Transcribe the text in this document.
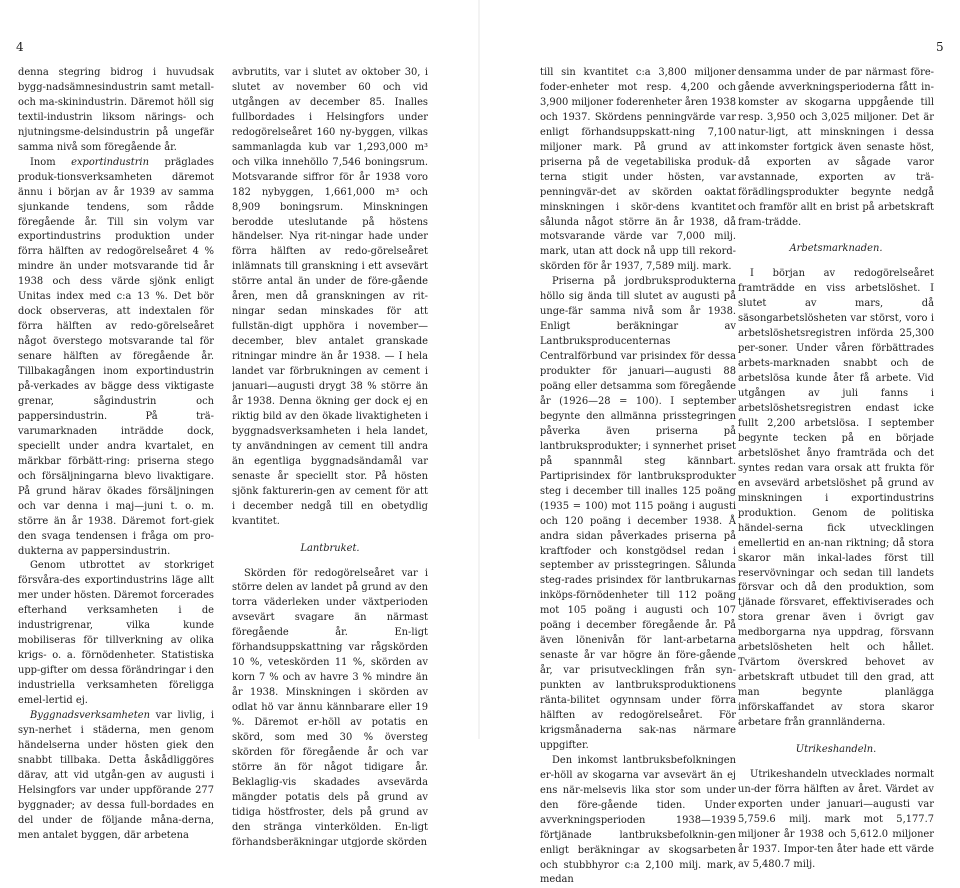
4	5

denna stegring bidrog i huvudsak bygg-nadsämnesindustrin samt metall- och ma-skinindustrin. Däremot höll sig textil-industrin liksom närings- och njutningsme-delsindustrin på ungefär samma nivå som föregående år.

Inom exportindustrin präglades produk-tionsverksamheten däremot ännu i början av år 1939 av samma sjunkande tendens, som rådde föregående år. Till sin volym var exportindustrins produktion under förra hälften av redogörelseåret 4 % mindre än under motsvarande tid år 1938 och dess värde sjönk enligt Unitas index med c:a 13 %. Det bör dock observeras, att indextalen för förra hälften av redo-görelseåret något överstego motsvarande tal för senare hälften av föregående år. Tillbakagången inom exportindustrin på-verkades av bägge dess viktigaste grenar, sågindustrin och pappersindustrin. På trä-varumarknaden inträdde dock, speciellt under andra kvartalet, en märkbar förbätt-ring: priserna stego och försäljningarna blevo livaktigare. På grund härav ökades försäljningen och var denna i maj—juni t. o. m. större än år 1938. Däremot fort-giek den svaga tendensen i fråga om pro-dukterna av pappersindustrin.

Genom utbrottet av storkriget försvåra-des exportindustrins läge allt mer under hösten. Däremot forcerades efterhand verksamheten i de industrigrenar, vilka kunde mobiliseras för tillverkning av olika krigs- o. a. förnödenheter. Statistiska upp-gifter om dessa förändringar i den industriella verksamheten föreligga emel-lertid ej.

Byggnadsverksamheten var livlig, i syn-nerhet i städerna, men genom händelserna under hösten giek den snabbt tillbaka. Detta åskådliggöres därav, att vid utgån-gen av augusti i Helsingfors var under uppförande 277 byggnader; av dessa full-bordades en del under de följande måna-derna, men antalet byggen, där arbetena

avbrutits, var i slutet av oktober 30, i slutet av november 60 och vid utgången av december 85. Inalles fullbordades i Helsingfors under redogörelseåret 160 ny-byggen, vilkas sammanlagda kub var 1,293,000 m³ och vilka innehöllo 7,546 boningsrum. Motsvarande siffror för år 1938 voro 182 nybyggen, 1,661,000 m³ och 8,909 boningsrum. Minskningen berodde uteslutande på höstens händelser. Nya rit-ningar hade under förra hälften av redo-görelseåret inlämnats till granskning i ett avsevärt större antal än under de före-gående åren, men då granskningen av rit-ningar sedan minskades för att fullstän-digt upphöra i november—december, blev antalet granskade ritningar mindre än år 1938. — I hela landet var förbrukningen av cement i januari—augusti drygt 38 % större än år 1938. Denna ökning ger dock ej en riktig bild av den ökade livaktigheten i byggnadsverksamheten i hela landet, ty användningen av cement till andra än egentliga byggnadsändamål var senaste år speciellt stor. På hösten sjönk fakturerin-gen av cement för att i december nedgå till en obetydlig kvantitet.

Lantbruket.

Skörden för redogörelseåret var i större delen av landet på grund av den torra väderleken under växtperioden avsevärt svagare än närmast föregående år. En-ligt förhandsuppskattning var rågskörden 10 %, veteskörden 11 %, skörden av korn 7 % och av havre 3 % mindre än år 1938. Minskningen i skörden av odlat hö var ännu kännbarare eller 19 %. Däremot er-höll av potatis en skörd, som med 30 % översteg skörden för föregående år och var större än för något tidigare år. Beklaglig-vis skadades avsevärda mängder potatis dels på grund av tidiga höstfroster, dels på grund av den stränga vinterkölden. En-ligt förhandsberäkningar utgjorde skörden

till sin kvantitet c:a 3,800 miljoner foder-enheter mot resp. 4,200 och 3,900 miljoner foderenheter åren 1938 och 1937. Skördens penningvärde var enligt förhandsuppskatt-ning 7,100 miljoner mark. På grund av att priserna på de vegetabiliska produk-terna stigit under hösten, var penningvär-det av skörden oaktat minskningen i skör-dens kvantitet sålunda något större än år 1938, då motsvarande värde var 7,000 milj. mark, utan att dock nå upp till rekord-skörden för år 1937, 7,589 milj. mark.

Priserna på jordbruksprodukterna höllo sig ända till slutet av augusti på unge-fär samma nivå som år 1938. Enligt beräkningar av Lantbruksproducenternas Centralförbund var prisindex för dessa produkter för januari—augusti 88 poäng eller detsamma som föregående år (1926—28 = 100). I september begynte den allmänna prisstegringen påverka även priserna på lantbruksprodukter; i synnerhet priset på spannmål steg kännbart. Partiprisindex för lantbruksprodukter steg i december till inalles 125 poäng (1935 = 100) mot 115 poäng i augusti och 120 poäng i december 1938. Å andra sidan påverkades priserna på kraftfoder och konstgödsel redan i september av prisstegringen. Sålunda steg-rades prisindex för lantbrukarnas inköps-förnödenheter till 112 poäng mot 105 poäng i augusti och 107 poäng i december föregående år. På även lönenivån för lant-arbetarna senaste år var högre än före-gående år, var prisutvecklingen från syn-punkten av lantbruksproduktionens ränta-bilitet ogynnsam under förra hälften av redogörelseåret. För krigsmånaderna sak-nas närmare uppgifter.

Den inkomst lantbruksbefolkningen er-höll av skogarna var avsevärt än ej ens när-melsevis lika stor som under den före-gående tiden. Under avverkningsperioden 1938—1939 förtjänade lantbruksbefolknin-gen enligt beräkningar av skogsarbeten och stubbhyror c:a 2,100 milj. mark, medan

densamma under de par närmast före-gående avverkningsperioderna fått in-komster av skogarna uppgående till resp. 3,950 och 3,025 miljoner. Det är natur-ligt, att minskningen i dessa inkomster fortgick även senaste höst, då exporten av sågade varor avstannade, exporten av trä-förädlingsprodukter begynte nedgå och framför allt en brist på arbetskraft fram-trädde.

Arbetsmarknaden.

I början av redogörelseåret framträdde en viss arbetslöshet. I slutet av mars, då säsongarbetslösheten var störst, voro i arbetslöshetsregistren införda 25,300 per-soner. Under våren förbättrades arbets-marknaden snabbt och de arbetslösa kunde åter få arbete. Vid utgången av juli fanns i arbetslöshetsregistren endast icke fullt 2,200 arbetslösa. I september begynte tecken på en började arbetslöshet ånyo framträda och det syntes redan vara orsak att frukta för en avsevärd arbetslöshet på grund av minskningen i exportindustrins produktion. Genom de politiska händel-serna fick utvecklingen emellertid en an-nan riktning; då stora skaror män inkal-lades först till reservövningar och sedan till landets försvar och då den produktion, som tjänade försvaret, effektiviserades och stora grenar även i övrigt gav medborgarna nya uppdrag, försvann arbetslösheten helt och hållet. Tvärtom överskred behovet av arbetskraft utbudet till den grad, att man begynte planlägga införskaffandet av stora skaror arbetare från grannländerna.

Utrikeshandeln.

Utrikeshandeln utvecklades normalt un-der förra hälften av året. Värdet av exporten under januari—augusti var 5,759.6 milj. mark mot 5,177.7 miljoner år 1938 och 5,612.0 miljoner år 1937. Impor-ten åter hade ett värde av 5,480.7 milj.
